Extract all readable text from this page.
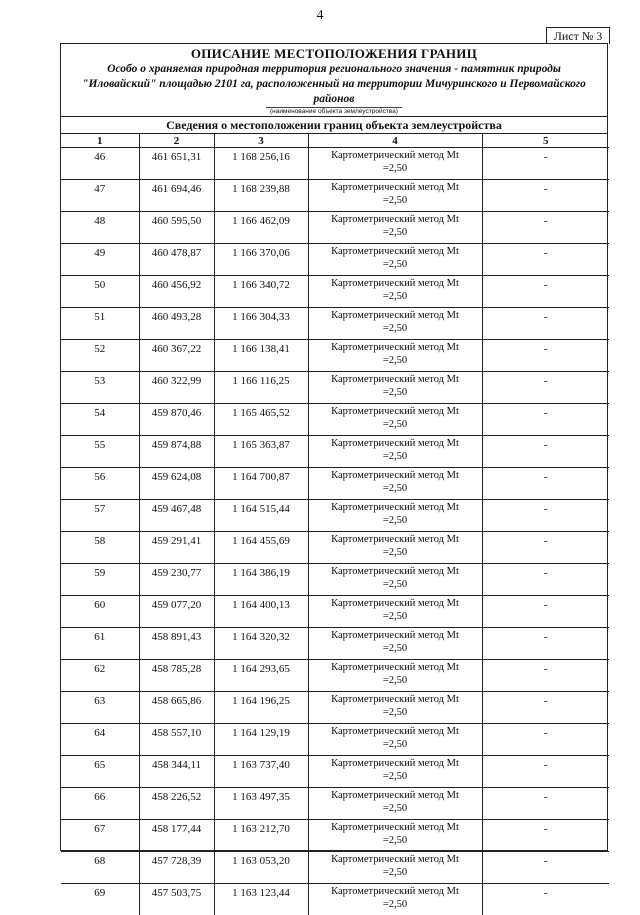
4
Лист № 3
ОПИСАНИЕ МЕСТОПОЛОЖЕНИЯ ГРАНИЦ
Особо о храняемая природная территория регионального значения - памятник природы "Иловайский" площадью 2101 га, расположенный на территории Мичуринского и Первомайского районов
(наименование объекта землеустройства)
Сведения о местоположении границ объекта землеустройства
1	2	3	4	5
46	461 651,31	1 168 256,16	Картометрический метод Mt
=2,50	-
47	461 694,46	1 168 239,88	Картометрический метод Mt
=2,50	-
48	460 595,50	1 166 462,09	Картометрический метод Mt
=2,50	-
49	460 478,87	1 166 370,06	Картометрический метод Mt
=2,50	-
50	460 456,92	1 166 340,72	Картометрический метод Mt
=2,50	-
51	460 493,28	1 166 304,33	Картометрический метод Mt
=2,50	-
52	460 367,22	1 166 138,41	Картометрический метод Mt
=2,50	-
53	460 322,99	1 166 116,25	Картометрический метод Mt
=2,50	-
54	459 870,46	1 165 465,52	Картометрический метод Mt
=2,50	-
55	459 874,88	1 165 363,87	Картометрический метод Mt
=2,50	-
56	459 624,08	1 164 700,87	Картометрический метод Mt
=2,50	-
57	459 467,48	1 164 515,44	Картометрический метод Mt
=2,50	-
58	459 291,41	1 164 455,69	Картометрический метод Mt
=2,50	-
59	459 230,77	1 164 386,19	Картометрический метод Mt
=2,50	-
60	459 077,20	1 164 400,13	Картометрический метод Mt
=2,50	-
61	458 891,43	1 164 320,32	Картометрический метод Mt
=2,50	-
62	458 785,28	1 164 293,65	Картометрический метод Mt
=2,50	-
63	458 665,86	1 164 196,25	Картометрический метод Mt
=2,50	-
64	458 557,10	1 164 129,19	Картометрический метод Mt
=2,50	-
65	458 344,11	1 163 737,40	Картометрический метод Mt
=2,50	-
66	458 226,52	1 163 497,35	Картометрический метод Mt
=2,50	-
67	458 177,44	1 163 212,70	Картометрический метод Mt
=2,50	-
68	457 728,39	1 163 053,20	Картометрический метод Mt
=2,50	-
69	457 503,75	1 163 123,44	Картометрический метод Mt
=2,50	-
